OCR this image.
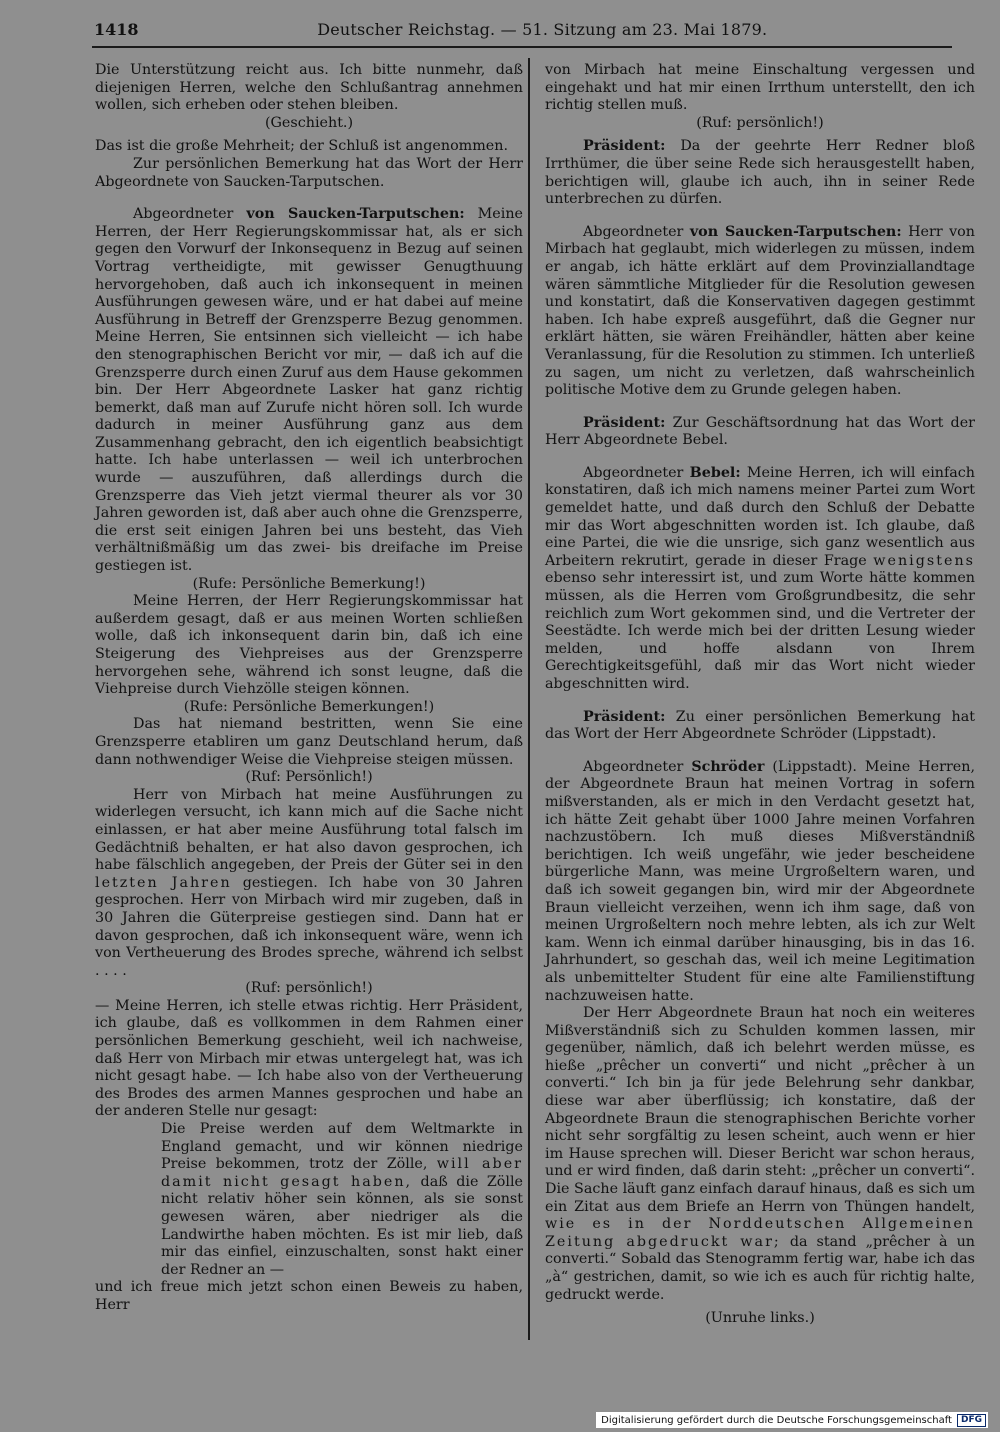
1418	Deutscher Reichstag. — 51. Sitzung am 23. Mai 1879.

Die Unterstützung reicht aus. Ich bitte nunmehr, daß diejenigen Herren, welche den Schlußantrag annehmen wollen, sich erheben oder stehen bleiben.

(Geschieht.)

Das ist die große Mehrheit; der Schluß ist angenommen.

Zur persönlichen Bemerkung hat das Wort der Herr Abgeordnete von Saucken-Tarputschen.

Abgeordneter von Saucken-Tarputschen: Meine Herren, der Herr Regierungskommissar hat, als er sich gegen den Vorwurf der Inkonsequenz in Bezug auf seinen Vortrag vertheidigte, mit gewisser Genugthuung hervorgehoben, daß auch ich inkonsequent in meinen Ausführungen gewesen wäre, und er hat dabei auf meine Ausführung in Betreff der Grenzsperre Bezug genommen. Meine Herren, Sie entsinnen sich vielleicht — ich habe den stenographischen Bericht vor mir, — daß ich auf die Grenzsperre durch einen Zuruf aus dem Hause gekommen bin. Der Herr Abgeordnete Lasker hat ganz richtig bemerkt, daß man auf Zurufe nicht hören soll. Ich wurde dadurch in meiner Ausführung ganz aus dem Zusammenhang gebracht, den ich eigentlich beabsichtigt hatte. Ich habe unterlassen — weil ich unterbrochen wurde — auszuführen, daß allerdings durch die Grenzsperre das Vieh jetzt viermal theurer als vor 30 Jahren geworden ist, daß aber auch ohne die Grenzsperre, die erst seit einigen Jahren bei uns besteht, das Vieh verhältnißmäßig um das zwei- bis dreifache im Preise gestiegen ist.

(Rufe: Persönliche Bemerkung!)

Meine Herren, der Herr Regierungskommissar hat außerdem gesagt, daß er aus meinen Worten schließen wolle, daß ich inkonsequent darin bin, daß ich eine Steigerung des Viehpreises aus der Grenzsperre hervorgehen sehe, während ich sonst leugne, daß die Viehpreise durch Viehzölle steigen können.

(Rufe: Persönliche Bemerkungen!)

Das hat niemand bestritten, wenn Sie eine Grenzsperre etabliren um ganz Deutschland herum, daß dann nothwendiger Weise die Viehpreise steigen müssen.

(Ruf: Persönlich!)

Herr von Mirbach hat meine Ausführungen zu widerlegen versucht, ich kann mich auf die Sache nicht einlassen, er hat aber meine Ausführung total falsch im Gedächtniß behalten, er hat also davon gesprochen, ich habe fälschlich angegeben, der Preis der Güter sei in den letzten Jahren gestiegen. Ich habe von 30 Jahren gesprochen. Herr von Mirbach wird mir zugeben, daß in 30 Jahren die Güterpreise gestiegen sind. Dann hat er davon gesprochen, daß ich inkonsequent wäre, wenn ich von Vertheuerung des Brodes spreche, während ich selbst . . . .

(Ruf: persönlich!)

— Meine Herren, ich stelle etwas richtig. Herr Präsident, ich glaube, daß es vollkommen in dem Rahmen einer persönlichen Bemerkung geschieht, weil ich nachweise, daß Herr von Mirbach mir etwas untergelegt hat, was ich nicht gesagt habe. — Ich habe also von der Vertheuerung des Brodes des armen Mannes gesprochen und habe an der anderen Stelle nur gesagt:

Die Preise werden auf dem Weltmarkte in England gemacht, und wir können niedrige Preise bekommen, trotz der Zölle, will aber damit nicht gesagt haben, daß die Zölle nicht relativ höher sein können, als sie sonst gewesen wären, aber niedriger als die Landwirthe haben möchten. Es ist mir lieb, daß mir das einfiel, einzuschalten, sonst hakt einer der Redner an —

und ich freue mich jetzt schon einen Beweis zu haben, Herr

von Mirbach hat meine Einschaltung vergessen und eingehakt und hat mir einen Irrthum unterstellt, den ich richtig stellen muß.

(Ruf: persönlich!)

Präsident: Da der geehrte Herr Redner bloß Irrthümer, die über seine Rede sich herausgestellt haben, berichtigen will, glaube ich auch, ihn in seiner Rede unterbrechen zu dürfen.

Abgeordneter von Saucken-Tarputschen: Herr von Mirbach hat geglaubt, mich widerlegen zu müssen, indem er angab, ich hätte erklärt auf dem Provinziallandtage wären sämmtliche Mitglieder für die Resolution gewesen und konstatirt, daß die Konservativen dagegen gestimmt haben. Ich habe expreß ausgeführt, daß die Gegner nur erklärt hätten, sie wären Freihändler, hätten aber keine Veranlassung, für die Resolution zu stimmen. Ich unterließ zu sagen, um nicht zu verletzen, daß wahrscheinlich politische Motive dem zu Grunde gelegen haben.

Präsident: Zur Geschäftsordnung hat das Wort der Herr Abgeordnete Bebel.

Abgeordneter Bebel: Meine Herren, ich will einfach konstatiren, daß ich mich namens meiner Partei zum Wort gemeldet hatte, und daß durch den Schluß der Debatte mir das Wort abgeschnitten worden ist. Ich glaube, daß eine Partei, die wie die unsrige, sich ganz wesentlich aus Arbeitern rekrutirt, gerade in dieser Frage wenigstens ebenso sehr interessirt ist, und zum Worte hätte kommen müssen, als die Herren vom Großgrundbesitz, die sehr reichlich zum Wort gekommen sind, und die Vertreter der Seestädte. Ich werde mich bei der dritten Lesung wieder melden, und hoffe alsdann von Ihrem Gerechtigkeitsgefühl, daß mir das Wort nicht wieder abgeschnitten wird.

Präsident: Zu einer persönlichen Bemerkung hat das Wort der Herr Abgeordnete Schröder (Lippstadt).

Abgeordneter Schröder (Lippstadt). Meine Herren, der Abgeordnete Braun hat meinen Vortrag in sofern mißverstanden, als er mich in den Verdacht gesetzt hat, ich hätte Zeit gehabt über 1000 Jahre meinen Vorfahren nachzustöbern. Ich muß dieses Mißverständniß berichtigen. Ich weiß ungefähr, wie jeder bescheidene bürgerliche Mann, was meine Urgroßeltern waren, und daß ich soweit gegangen bin, wird mir der Abgeordnete Braun vielleicht verzeihen, wenn ich ihm sage, daß von meinen Urgroßeltern noch mehre lebten, als ich zur Welt kam. Wenn ich einmal darüber hinausging, bis in das 16. Jahrhundert, so geschah das, weil ich meine Legitimation als unbemittelter Student für eine alte Familienstiftung nachzuweisen hatte.

Der Herr Abgeordnete Braun hat noch ein weiteres Mißverständniß sich zu Schulden kommen lassen, mir gegenüber, nämlich, daß ich belehrt werden müsse, es hieße „prêcher un converti“ und nicht „prêcher à un converti.“ Ich bin ja für jede Belehrung sehr dankbar, diese war aber überflüssig; ich konstatire, daß der Abgeordnete Braun die stenographischen Berichte vorher nicht sehr sorgfältig zu lesen scheint, auch wenn er hier im Hause sprechen will. Dieser Bericht war schon heraus, und er wird finden, daß darin steht: „prêcher un converti“. Die Sache läuft ganz einfach darauf hinaus, daß es sich um ein Zitat aus dem Briefe an Herrn von Thüngen handelt, wie es in der Norddeutschen Allgemeinen Zeitung abgedruckt war; da stand „prêcher à un converti.“ Sobald das Stenogramm fertig war, habe ich das „à“ gestrichen, damit, so wie ich es auch für richtig halte, gedruckt werde.

(Unruhe links.)

Digitalisierung gefördert durch die Deutsche Forschungsgemeinschaft	DFG
